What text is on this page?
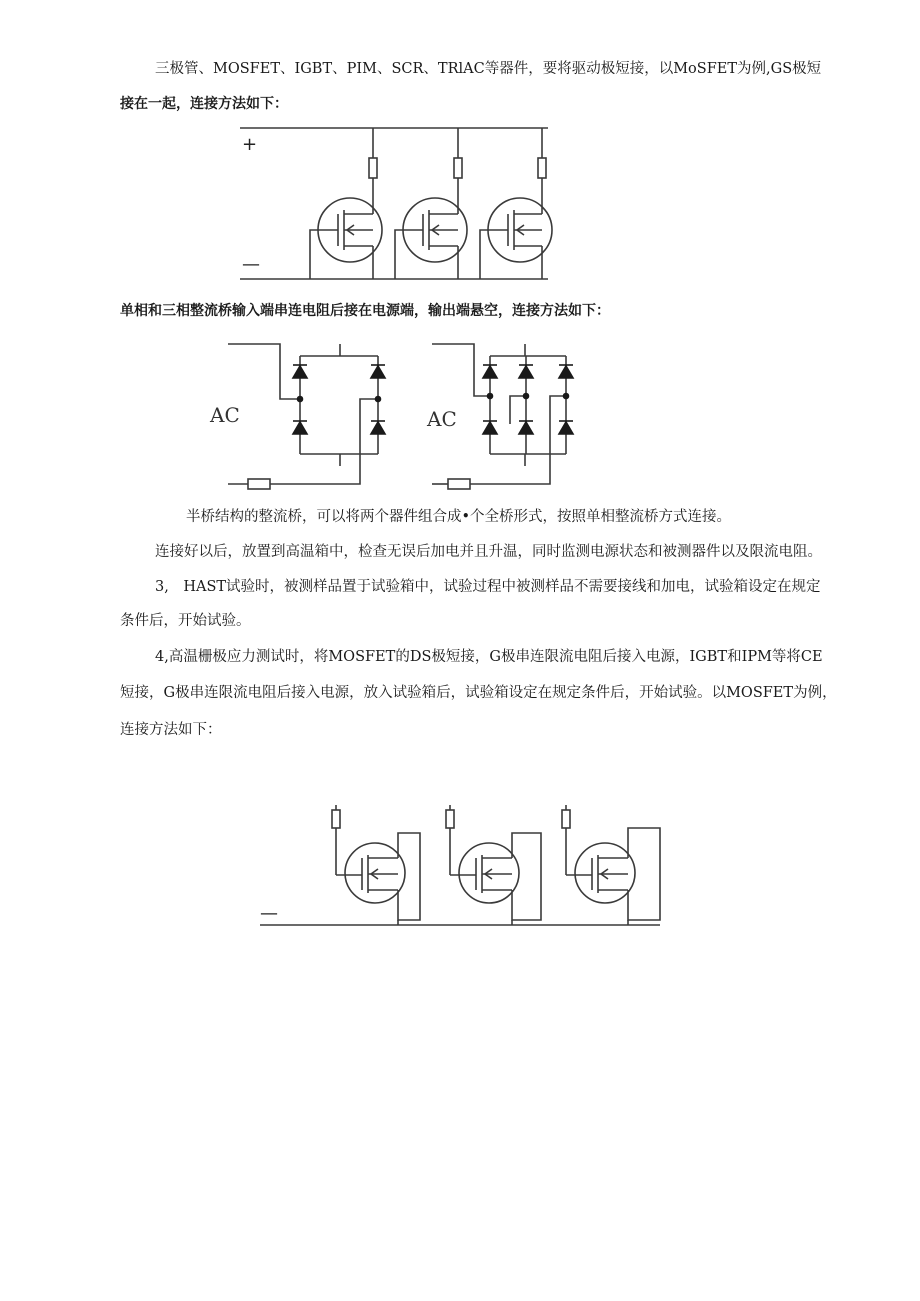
三极管、MOSFET、IGBT、PIM、SCR、TRlAC等器件，要将驱动极短接，以MoSFET为例,GS极短
接在一起，连接方法如下：
+
—
单相和三相整流桥输入端串连电阻后接在电源端，输出端悬空，连接方法如下：
AC	AC
半桥结构的整流桥，可以将两个器件组合成•个全桥形式，按照单相整流桥方式连接。
连接好以后，放置到高温箱中，检查无误后加电并且升温，同时监测电源状态和被测器件以及限流电阻。
3,　HAST试验时，被测样品置于试验箱中，试验过程中被测样品不需要接线和加电，试验箱设定在规定
条件后，开始试验。
4,高温栅极应力测试时，将MOSFET的DS极短接，G极串连限流电阻后接入电源，IGBT和IPM等将CE
短接，G极串连限流电阻后接入电源，放入试验箱后，试验箱设定在规定条件后，开始试验。以MOSFET为例，
连接方法如下：
—
